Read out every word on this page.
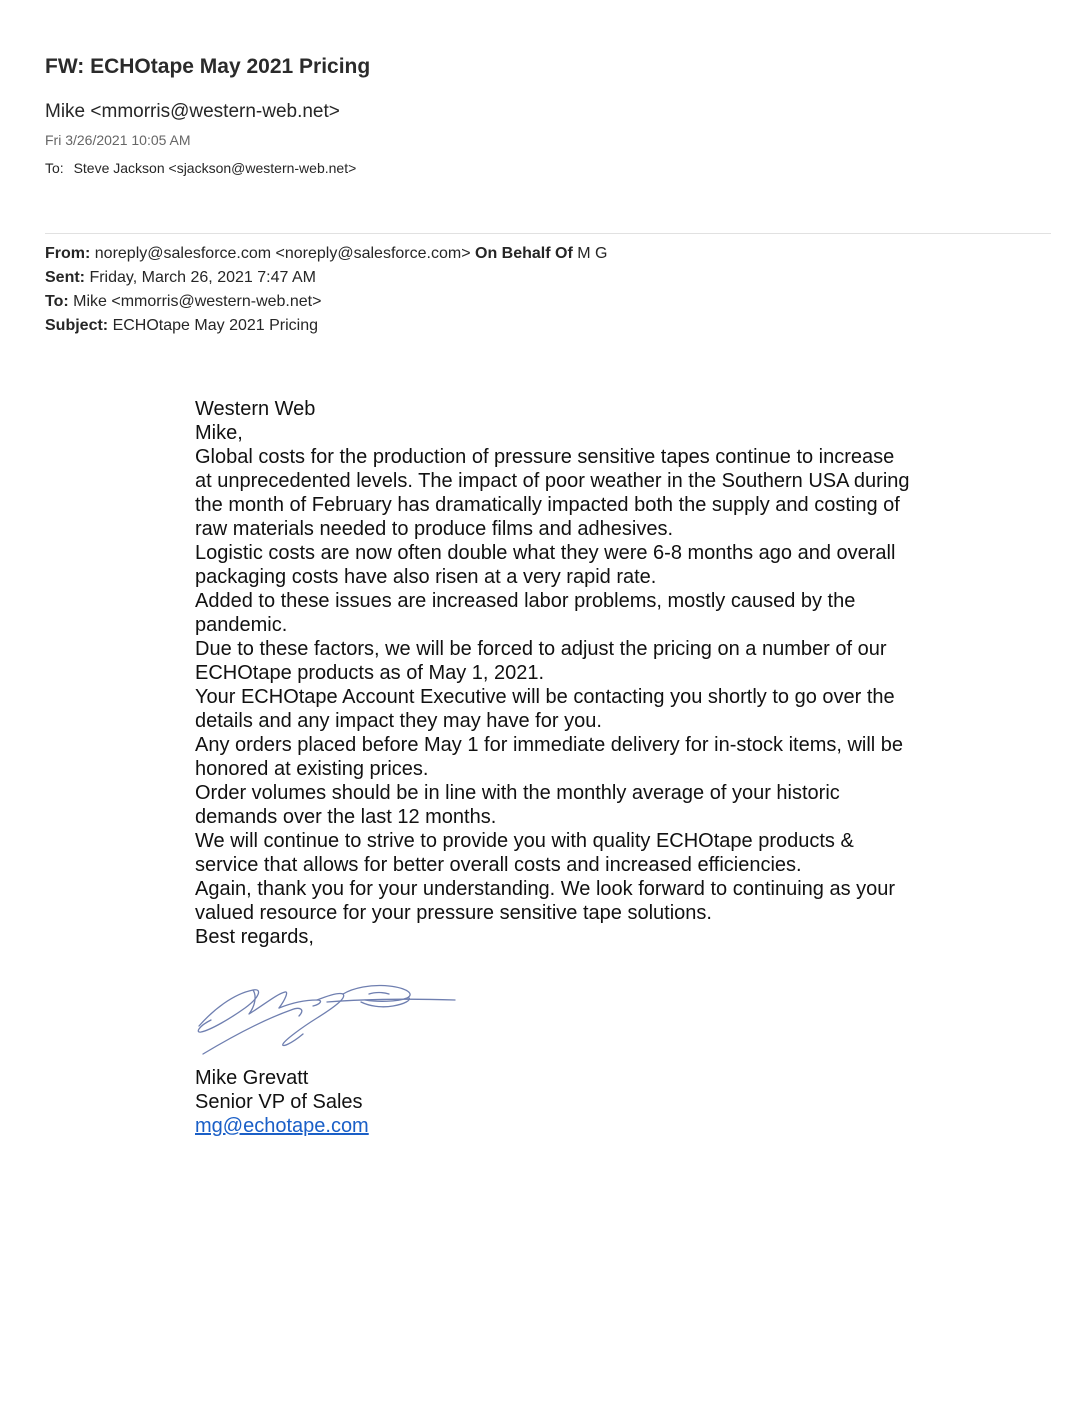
FW: ECHOtape May 2021 Pricing
Mike <mmorris@western-web.net>
Fri 3/26/2021 10:05 AM
To: Steve Jackson <sjackson@western-web.net>
From: noreply@salesforce.com <noreply@salesforce.com> On Behalf Of M G
Sent: Friday, March 26, 2021 7:47 AM
To: Mike <mmorris@western-web.net>
Subject: ECHOtape May 2021 Pricing

Western Web

Mike,

Global costs for the production of pressure sensitive tapes continue to increase at unprecedented levels. The impact of poor weather in the Southern USA during the month of February has dramatically impacted both the supply and costing of raw materials needed to produce films and adhesives.

Logistic costs are now often double what they were 6-8 months ago and overall packaging costs have also risen at a very rapid rate.

Added to these issues are increased labor problems, mostly caused by the pandemic.

Due to these factors, we will be forced to adjust the pricing on a number of our ECHOtape products as of May 1, 2021.

Your ECHOtape Account Executive will be contacting you shortly to go over the details and any impact they may have for you.

Any orders placed before May 1 for immediate delivery for in-stock items, will be honored at existing prices.

Order volumes should be in line with the monthly average of your historic demands over the last 12 months.

We will continue to strive to provide you with quality ECHOtape products & service that allows for better overall costs and increased efficiencies.

Again, thank you for your understanding. We look forward to continuing as your valued resource for your pressure sensitive tape solutions.

Best regards,

Mike Grevatt

Senior VP of Sales

mg@echotape.com
